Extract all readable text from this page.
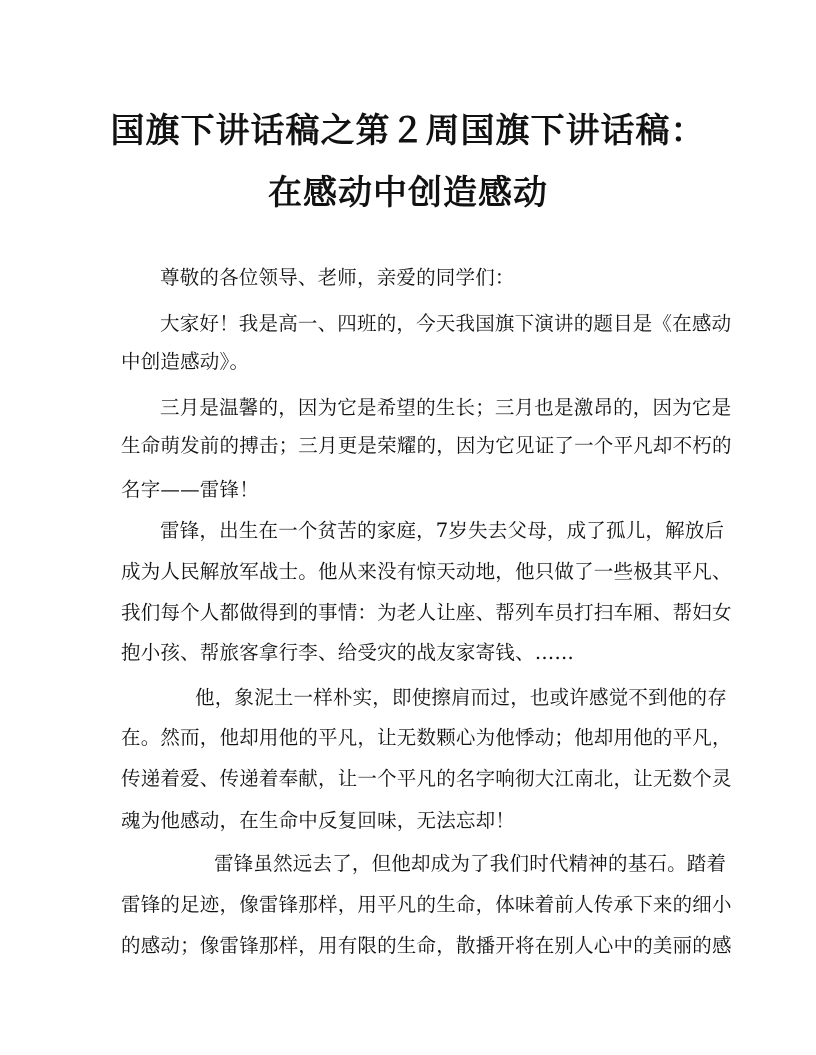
国旗下讲话稿之第２周国旗下讲话稿：
在感动中创造感动
尊敬的各位领导、老师，亲爱的同学们：
大家好！我是高一、四班的，今天我国旗下演讲的题目是《在感动
中创造感动》。
三月是温馨的，因为它是希望的生长；三月也是激昂的，因为它是
生命萌发前的搏击；三月更是荣耀的，因为它见证了一个平凡却不朽的
名字——雷锋！
雷锋，出生在一个贫苦的家庭，7岁失去父母，成了孤儿，解放后
成为人民解放军战士。他从来没有惊天动地，他只做了一些极其平凡、
我们每个人都做得到的事情：为老人让座、帮列车员打扫车厢、帮妇女
抱小孩、帮旅客拿行李、给受灾的战友家寄钱、……
他，象泥土一样朴实，即使擦肩而过，也或许感觉不到他的存
在。然而，他却用他的平凡，让无数颗心为他悸动；他却用他的平凡，
传递着爱、传递着奉献，让一个平凡的名字响彻大江南北，让无数个灵
魂为他感动，在生命中反复回味，无法忘却！
雷锋虽然远去了，但他却成为了我们时代精神的基石。踏着
雷锋的足迹，像雷锋那样，用平凡的生命，体味着前人传承下来的细小
的感动；像雷锋那样，用有限的生命，散播开将在别人心中的美丽的感
